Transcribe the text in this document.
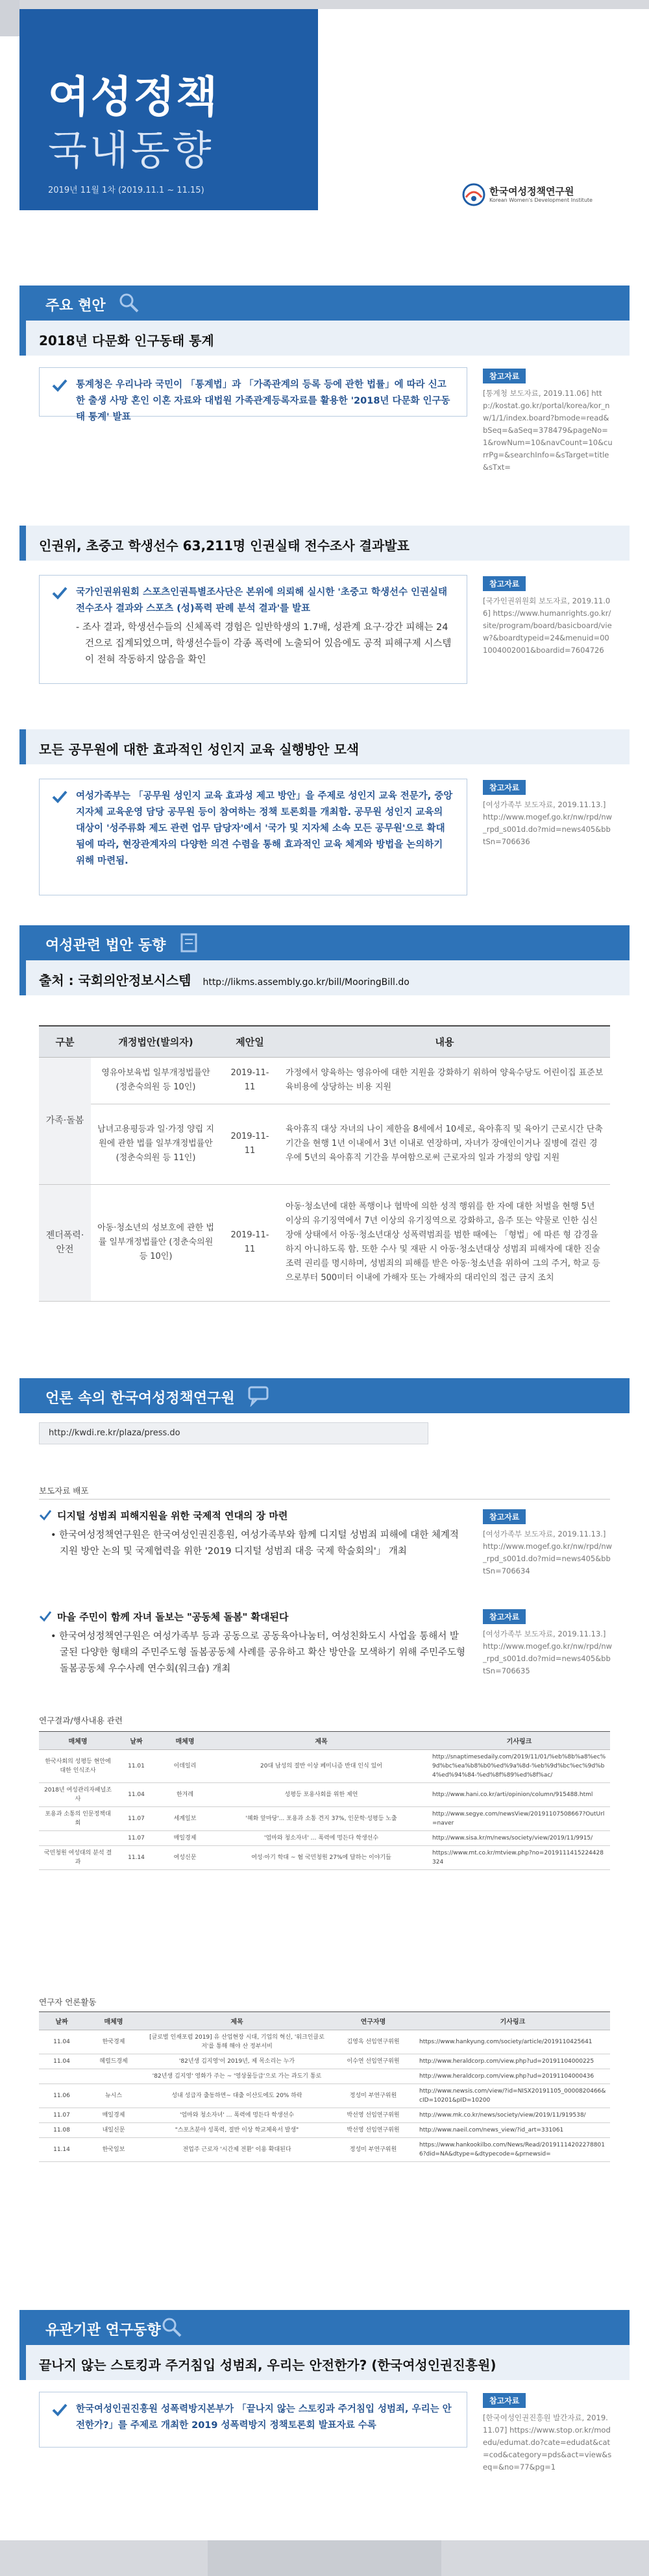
여성정책
국내동향
2019년 11월 1차 (2019.11.1 ~ 11.15)	한국여성정책연구원
Korean Women's Development Institute
주요 현안
2018년 다문화 인구동태 통계
통계청은 우리나라 국민이 「통계법」과 「가족관계의 등록 등에 관한 법률」에 따라 신고한 출생 사망 혼인 이혼 자료와 대법원 가족관계등록자료를 활용한 '2018년 다문화 인구동태 통계' 발표
참고자료
[통계청 보도자료, 2019.11.06] http://kostat.go.kr/portal/korea/kor_nw/1/1/index.board?bmode=read&bSeq=&aSeq=378479&pageNo=1&rowNum=10&navCount=10&currPg=&searchInfo=&sTarget=title&sTxt=
인권위, 초중고 학생선수 63,211명 인권실태 전수조사 결과발표
국가인권위원회 스포츠인권특별조사단은 본위에 의뢰해 실시한 '초중고 학생선수 인권실태 전수조사 결과와 스포츠 (성)폭력 판례 분석 결과'를 발표
- 조사 결과, 학생선수들의 신체폭력 경험은 일반학생의 1.7배, 성관계 요구·강간 피해는 24건으로 집계되었으며, 학생선수들이 각종 폭력에 노출되어 있음에도 공적 피해구제 시스템이 전혀 작동하지 않음을 확인
참고자료
[국가인권위원회 보도자료, 2019.11.06] https://www.humanrights.go.kr/site/program/board/basicboard/view?&boardtypeid=24&menuid=001004002001&boardid=7604726
모든 공무원에 대한 효과적인 성인지 교육 실행방안 모색
여성가족부는 「공무원 성인지 교육 효과성 제고 방안」을 주제로 성인지 교육 전문가, 중앙 지자체 교육운영 담당 공무원 등이 참여하는 정책 토론회를 개최함. 공무원 성인지 교육의 대상이 '성주류화 제도 관련 업무 담당자'에서 '국가 및 지자체 소속 모든 공무원'으로 확대됨에 따라, 현장관계자의 다양한 의견 수렴을 통해 효과적인 교육 체계와 방법을 논의하기 위해 마련됨.
참고자료
[여성가족부 보도자료, 2019.11.13.] http://www.mogef.go.kr/nw/rpd/nw_rpd_s001d.do?mid=news405&bbtSn=706636
여성관련 법안 동향
출처 : 국회의안정보시스템 http://likms.assembly.go.kr/bill/MooringBill.do
구분	개정법안(발의자)	제안일	내용
가족·돌봄	영유아보육법 일부개정법률안 (정춘숙의원 등 10인)	2019-11-11	가정에서 양육하는 영유아에 대한 지원을 강화하기 위하여 양육수당도 어린이집 표준보육비용에 상당하는 비용 지원
	남녀고용평등과 일·가정 양립 지원에 관한 법률 일부개정법률안 (정춘숙의원 등 11인)	2019-11-11	육아휴직 대상 자녀의 나이 제한을 8세에서 10세로, 육아휴직 및 육아기 근로시간 단축 기간을 현행 1년 이내에서 3년 이내로 연장하며, 자녀가 장애인이거나 질병에 걸린 경우에 5년의 육아휴직 기간을 부여함으로써 근로자의 일과 가정의 양립 지원
젠더폭력·안전	아동·청소년의 성보호에 관한 법률 일부개정법률안 (정춘숙의원 등 10인)	2019-11-11	아동·청소년에 대한 폭행이나 협박에 의한 성적 행위를 한 자에 대한 처벌을 현행 5년 이상의 유기징역에서 7년 이상의 유기징역으로 강화하고, 음주 또는 약물로 인한 심신장애 상태에서 아동·청소년대상 성폭력범죄를 범한 때에는 「형법」에 따른 형 감경을 하지 아니하도록 함. 또한 수사 및 재판 시 아동·청소년대상 성범죄 피해자에 대한 진술조력 권리를 명시하며, 성범죄의 피해를 받은 아동·청소년을 위하여 그의 주거, 학교 등으로부터 500미터 이내에 가해자 또는 가해자의 대리인의 접근 금지 조치
언론 속의 한국여성정책연구원
http://kwdi.re.kr/plaza/press.do
보도자료 배포
디지털 성범죄 피해지원을 위한 국제적 연대의 장 마련
• 한국여성정책연구원은 한국여성인권진흥원, 여성가족부와 함께 디지털 성범죄 피해에 대한 체계적 지원 방안 논의 및 국제협력을 위한 '2019 디지털 성범죄 대응 국제 학술회의'」 개최
참고자료
[여성가족부 보도자료, 2019.11.13.] http://www.mogef.go.kr/nw/rpd/nw_rpd_s001d.do?mid=news405&bbtSn=706634
마을 주민이 함께 자녀 돌보는 "공동체 돌봄" 확대된다
• 한국여성정책연구원은 여성가족부 등과 공동으로 공동육아나눔터, 여성친화도시 사업을 통해서 발굴된 다양한 형태의 주민주도형 돌봄공동체 사례를 공유하고 확산 방안을 모색하기 위해 주민주도형 돌봄공동체 우수사례 연수회(워크숍) 개최
참고자료
[여성가족부 보도자료, 2019.11.13.] http://www.mogef.go.kr/nw/rpd/nw_rpd_s001d.do?mid=news405&bbtSn=706635
연구결과/행사내용 관련
매체명	날짜	매체명	제목	기사링크
한국사회의 성평등 현안에 대한 인식조사	11.01	이데일리	20대 남성의 절반 이상 페미니즘 반대 인식 있어	http://snaptimesedaily.com/2019/11/01/%eb%8b%a8%ec%9d%bc%ea%b8%b0%ed%9a%8d-%eb%9d%bc%ec%9d%b4%ed%94%84-%ed%8f%89%ed%8f%ac/
2018년 여성관리자패널조사	11.04	한겨레	성평등 포용사회를 위한 제언	http://www.hani.co.kr/arti/opinion/column/915488.html
포용과 소통의 인문정책대회	11.07	세계일보	'혜화 앞마당'... 포용과 소통 견지 37%, 인문학·성평등 노출	http://www.segye.com/newsView/20191107508667?OutUrl=naver
	11.07	매일경제	'엄마와 청소자녀' … 폭력에 멍든다 학생선수	http://www.sisa.kr/m/news/society/view/2019/11/9915/
국민청원 여성대의 분석 결과	11.14	여성신문	여성·아기 학대 ~ 혐 국민청원 27%에 달하는 이야기들	https://www.mt.co.kr/mtview.php?no=2019111415224428324
연구자 언론활동
날짜	매체명	제목	연구자명	기사링크
11.04	한국경제	[글로벌 인재포럼 2019] 유 산업현장 시대, 기업의 혁신, '워크인클로저'를 통해 해야 산 정부서비	김영옥 선임연구위원	https://www.hankyung.com/society/article/2019110425641
11.04	헤럴드경제	'82년생 김지영'이 2019년, 제 목소리는 누가	이수연 선임연구위원	http://www.heraldcorp.com/view.php?ud=20191104000225
		'82년생 김지영' 영화가 주는 ~ '영상물등급'으로 가는 과도기 통로		http://www.heraldcorp.com/view.php?ud=20191104000436
11.06	뉴시스	성내 성급자 출동하면~ 대출 이산도에도 20% 하락	정성미 부연구위원	http://www.newsis.com/view/?id=NISX20191105_0000820466&cID=10201&pID=10200
11.07	매일경제	'엄마와 청소자녀' … 폭력에 멍든다 학생선수	박선영 선임연구위원	http://www.mk.co.kr/news/society/view/2019/11/919538/
11.08	내일신문	"스포츠분야 성폭력, 절반 이상 학교체육서 발생"	박선영 선임연구위원	http://www.naeil.com/news_view/?id_art=331061
11.14	한국일보	전업주 근로자 '시간제 전환' 이용 확대된다	정성미 부연구위원	https://www.hankookilbo.com/News/Read/201911142022788016?did=NA&dtype=&dtypecode=&prnewsid=
유관기관 연구동향
끝나지 않는 스토킹과 주거침입 성범죄, 우리는 안전한가? (한국여성인권진흥원)
한국여성인권진흥원 성폭력방지본부가 「끝나지 않는 스토킹과 주거침입 성범죄, 우리는 안전한가?」를 주제로 개최한 2019 성폭력방지 정책토론회 발표자료 수록
참고자료
[한국여성인권진흥원 발간자료, 2019.11.07] https://www.stop.or.kr/modedu/edumat.do?cate=edudat&cat=cod&category=pds&act=view&seq=&no=77&pg=1
